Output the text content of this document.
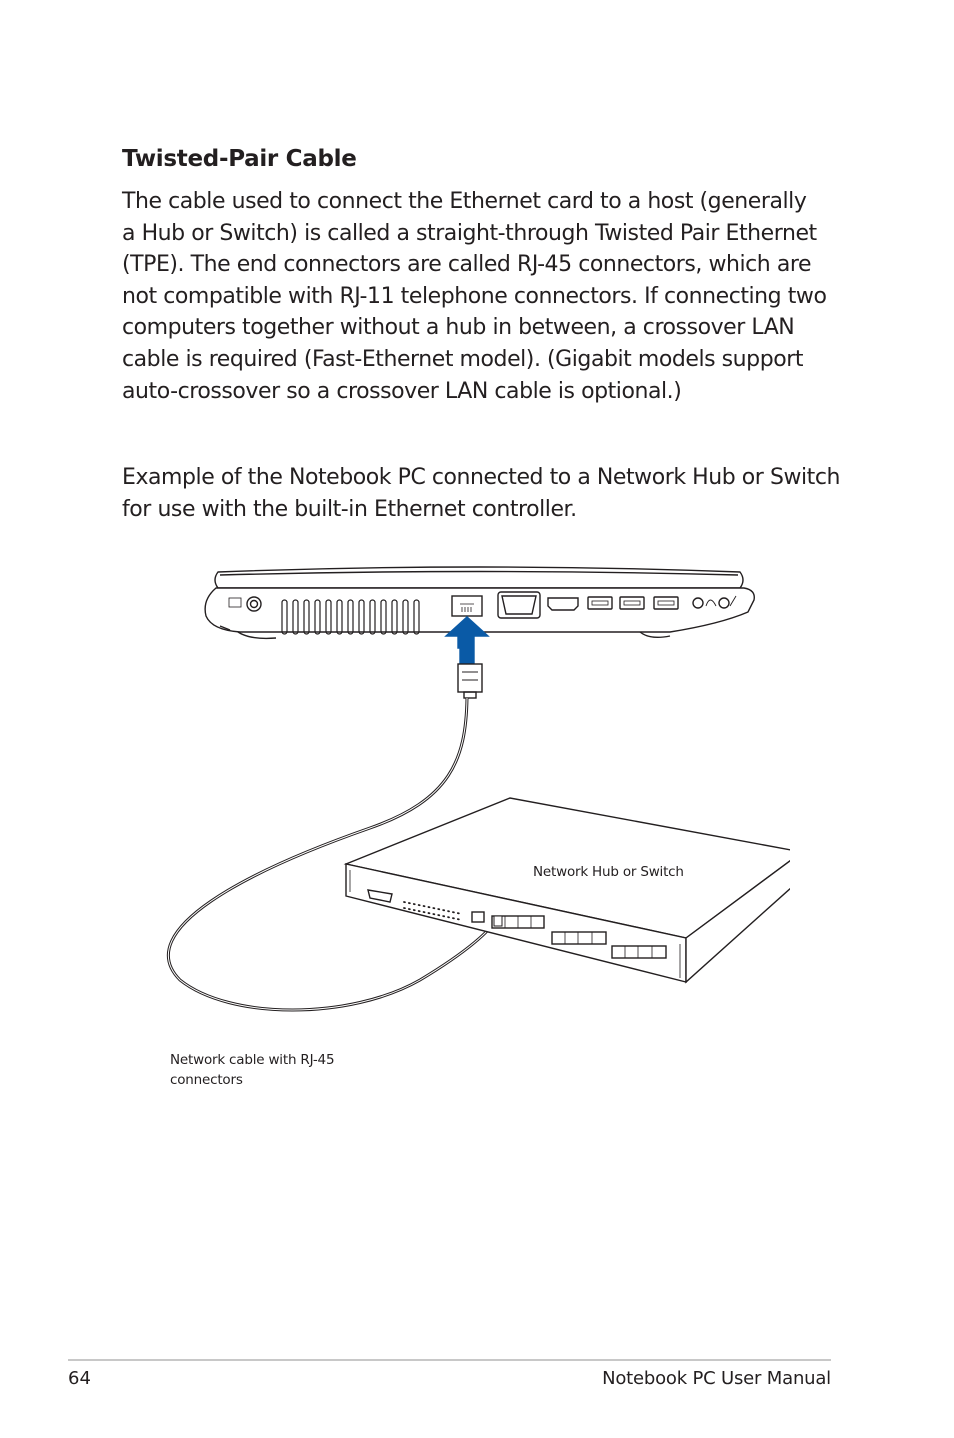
Twisted-Pair Cable
The cable used to connect the Ethernet card to a host (generally
a Hub or Switch) is called a straight-through Twisted Pair Ethernet
(TPE). The end connectors are called RJ-45 connectors, which are
not compatible with RJ-11 telephone connectors. If connecting two
computers together without a hub in between, a crossover LAN
cable is required (Fast-Ethernet model). (Gigabit models support
auto-crossover so a crossover LAN cable is optional.)
Example of the Notebook PC connected to a Network Hub or Switch
for use with the built-in Ethernet controller.
Network Hub or Switch
Network cable with RJ-45
connectors
64	Notebook PC User Manual
